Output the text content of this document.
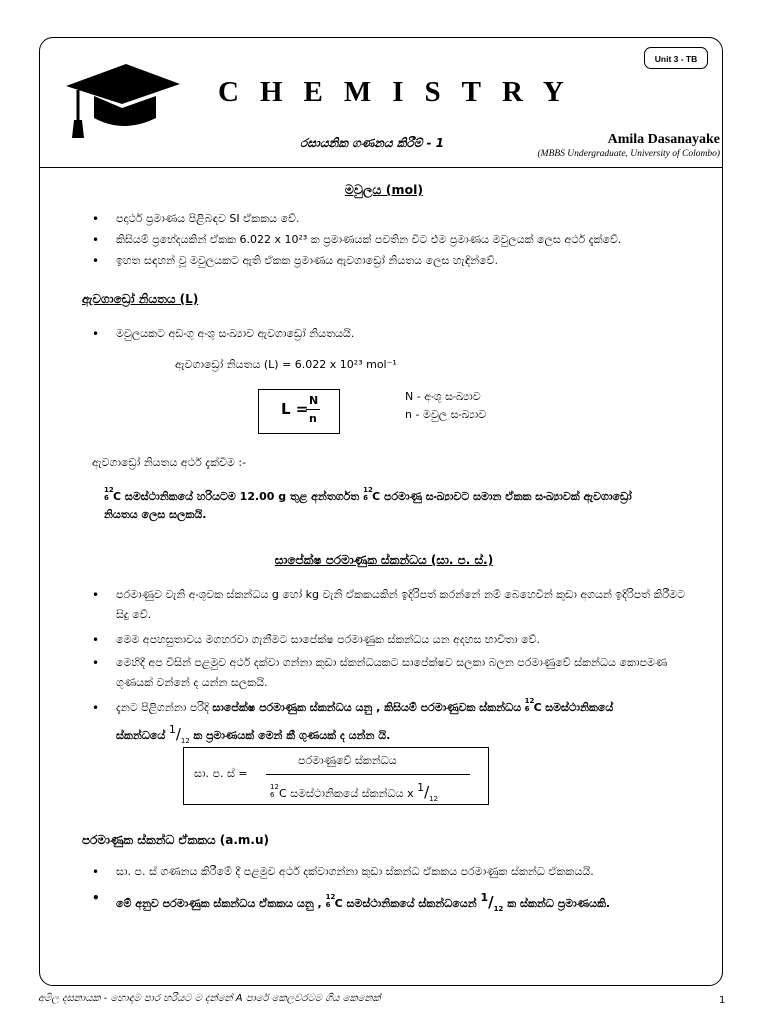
CHEMISTRY
Unit 3 - TB
රසායනික ගණනය කිරීම් - 1	Amila Dasanayake
(MBBS Undergraduate, University of Colombo)
මවුලය (mol)
• පදාර්ථ ප්‍රමාණය පිළිබඳව SI ඒකකය වේ.
• කිසියම් ප්‍රභේදයකින් ඒකක 6.022 x 10²³ ක ප්‍රමාණයක් පවතින විට එම ප්‍රමාණය මවුලයක් ලෙස අර්ථ දැක්වේ.
• ඉහත සඳහන් වූ මවුලයකට ඇති ඒකක ප්‍රමාණය ඇවගාඩ්‍රෝ නියතය ලෙස හැඳින්වේ.
ඇවගාඩ්‍රෝ නියතය (L)
• මවුලයකට අඩංගු අංශු සංඛ්‍යාව ඇවගාඩ්‍රෝ නියතයයි.
ඇවගාඩ්‍රෝ නියතය (L) = 6.022 x 10²³ mol⁻¹
L = N
n
N - අංශු සංඛ්‍යාව
n - මවුල සංඛ්‍යාව
ඇවගාඩ්‍රෝ නියතය අර්ථ දැක්වීම :-
12
6 C සමස්ථානිකයේ හරියටම 12.00 g තුළ අන්තර්ගත 12
6 C පරමාණු සංඛ්‍යාවට සමාන ඒකක සංඛ්‍යාවක් ඇවගාඩ්‍රෝ
නියතය ලෙස සලකයි.
සාපේක්ෂ පරමාණුක ස්කන්ධය (සා. ප. ස්.)
• පරමාණුව වැනි අංශුවක ස්කන්ධය g හෝ kg වැනි ඒකකයකින් ඉදිරිපත් කරන්නේ නම් බෙහෙවින් කුඩා අගයන් ඉදිරිපත් කිරීමට සිදු වේ.
• මෙම අපහසුතාවය මගහරවා ගැනීමට සාපේක්ෂ පරමාණුක ස්කන්ධය යන අදහස භාවිතා වේ.
• මෙහිදී අප විසින් පළමුව අර්ථ දක්වා ගන්නා කුඩා ස්කන්ධයකට සාපේක්ෂව සලකා බලන පරමාණුවේ ස්කන්ධය කොපමණ ගුණයක් වන්නේ ද යන්න සලකයි.
• දැනට පිළිගන්නා පරිදි සාපේක්ෂ පරමාණුක ස්කන්ධය යනු , කිසියම් පරමාණුවක ස්කන්ධය 12
6 C සමස්ථානිකයේ
ස්කන්ධයේ $^1/_{12}$ ක ප්‍රමාණයක් මෙන් කී ගුණයක් ද යන්න යි.
සා. ප. ස් =
පරමාණුවේ ස්කන්ධය
12
6 C සමස්ථානිකයේ ස්කන්ධය x $^1/_{12}$
පරමාණුක ස්කන්ධ ඒකකය (a.m.u)
• සා. ප. ස් ගණනය කිරීමේ දී පළමුව අර්ථ දක්වාගන්නා කුඩා ස්කන්ධ ඒකකය පරමාණුක ස්කන්ධ ඒකකයයි.
• මේ අනුව පරමාණුක ස්කන්ධය ඒකකය යනු , 12
6 C සමස්ථානිකයේ ස්කන්ධයෙන් $^1/_{12}$ ක ස්කන්ධ ප්‍රමාණයකි.
අමිල දසනායක - හොඳම පාර හරියට ම දන්නේ A පාරේ කෙලවරටම ගිය කෙනෙක්	1
